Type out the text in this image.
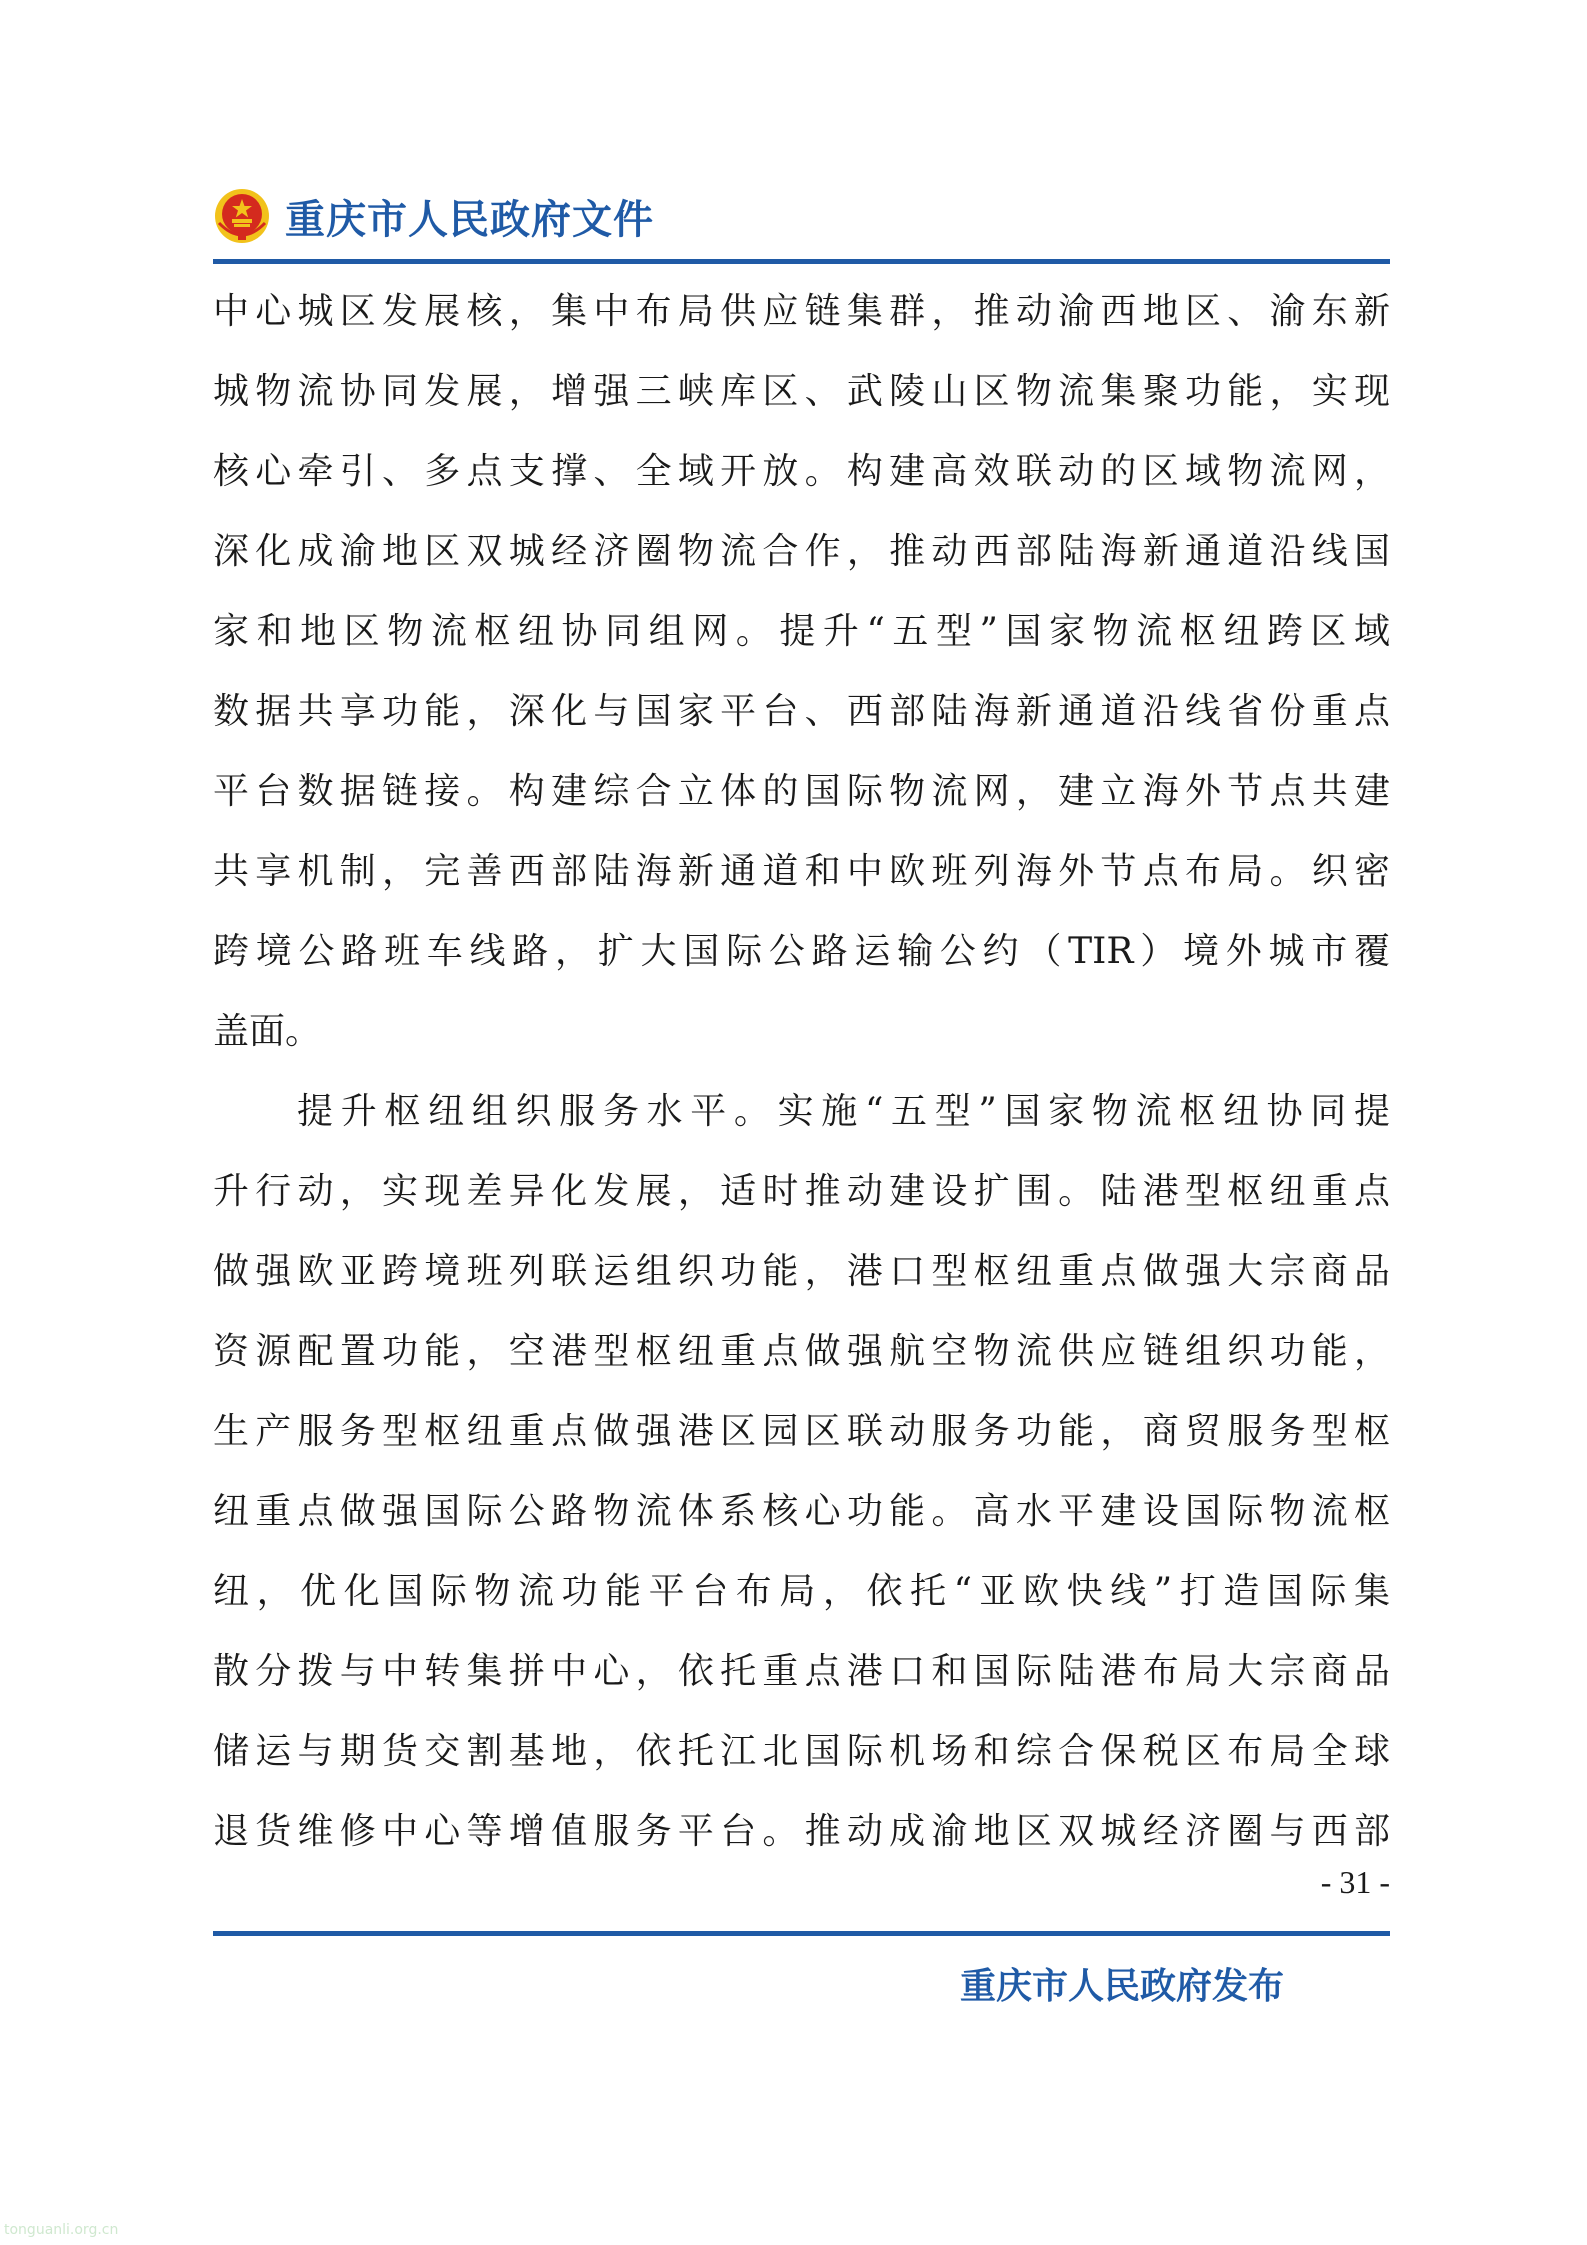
重庆市人民政府文件
中心城区发展核，集中布局供应链集群，推动渝西地区、渝东新
城物流协同发展，增强三峡库区、武陵山区物流集聚功能，实现
核心牵引、多点支撑、全域开放。构建高效联动的区域物流网，
深化成渝地区双城经济圈物流合作，推动西部陆海新通道沿线国
家和地区物流枢纽协同组网。提升“五型”国家物流枢纽跨区域
数据共享功能，深化与国家平台、西部陆海新通道沿线省份重点
平台数据链接。构建综合立体的国际物流网，建立海外节点共建
共享机制，完善西部陆海新通道和中欧班列海外节点布局。织密
跨境公路班车线路，扩大国际公路运输公约（TIR）境外城市覆
盖面。
提升枢纽组织服务水平。实施“五型”国家物流枢纽协同提
升行动，实现差异化发展，适时推动建设扩围。陆港型枢纽重点
做强欧亚跨境班列联运组织功能，港口型枢纽重点做强大宗商品
资源配置功能，空港型枢纽重点做强航空物流供应链组织功能，
生产服务型枢纽重点做强港区园区联动服务功能，商贸服务型枢
纽重点做强国际公路物流体系核心功能。高水平建设国际物流枢
纽，优化国际物流功能平台布局，依托“亚欧快线”打造国际集
散分拨与中转集拼中心，依托重点港口和国际陆港布局大宗商品
储运与期货交割基地，依托江北国际机场和综合保税区布局全球
退货维修中心等增值服务平台。推动成渝地区双城经济圈与西部
- 31 -
重庆市人民政府发布
tonguanli.org.cn
